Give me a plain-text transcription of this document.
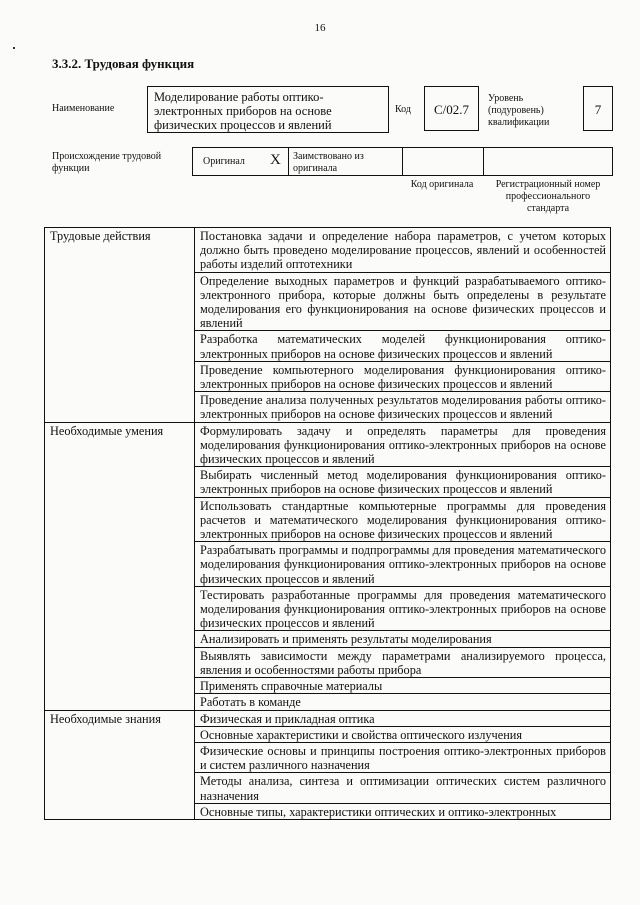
16
3.3.2. Трудовая функция
Наименование
Моделирование работы оптико-электронных приборов на основе физических процессов и явлений
Код	C/02.7
Уровень (подуровень) квалификации
7
Происхождение трудовой функции
Оригинал X Заимствовано из оригинала
Код оригинала	Регистрационный номер профессионального стандарта
Трудовые действия	Постановка задачи и определение набора параметров, с учетом которых должно быть проведено моделирование процессов, явлений и особенностей работы изделий оптотехники
	Определение выходных параметров и функций разрабатываемого оптико-электронного прибора, которые должны быть определены в результате моделирования его функционирования на основе физических процессов и явлений
	Разработка математических моделей функционирования оптико-электронных приборов на основе физических процессов и явлений
	Проведение компьютерного моделирования функционирования оптико-электронных приборов на основе физических процессов и явлений
	Проведение анализа полученных результатов моделирования работы оптико-электронных приборов на основе физических процессов и явлений
Необходимые умения	Формулировать задачу и определять параметры для проведения моделирования функционирования оптико-электронных приборов на основе физических процессов и явлений
	Выбирать численный метод моделирования функционирования оптико-электронных приборов на основе физических процессов и явлений
	Использовать стандартные компьютерные программы для проведения расчетов и математического моделирования функционирования оптико-электронных приборов на основе физических процессов и явлений
	Разрабатывать программы и подпрограммы для проведения математического моделирования функционирования оптико-электронных приборов на основе физических процессов и явлений
	Тестировать разработанные программы для проведения математического моделирования функционирования оптико-электронных приборов на основе физических процессов и явлений
	Анализировать и применять результаты моделирования
	Выявлять зависимости между параметрами анализируемого процесса, явления и особенностями работы прибора
	Применять справочные материалы
	Работать в команде
Необходимые знания	Физическая и прикладная оптика
	Основные характеристики и свойства оптического излучения
	Физические основы и принципы построения оптико-электронных приборов и систем различного назначения
	Методы анализа, синтеза и оптимизации оптических систем различного назначения
	Основные типы, характеристики оптических и оптико-электронных
